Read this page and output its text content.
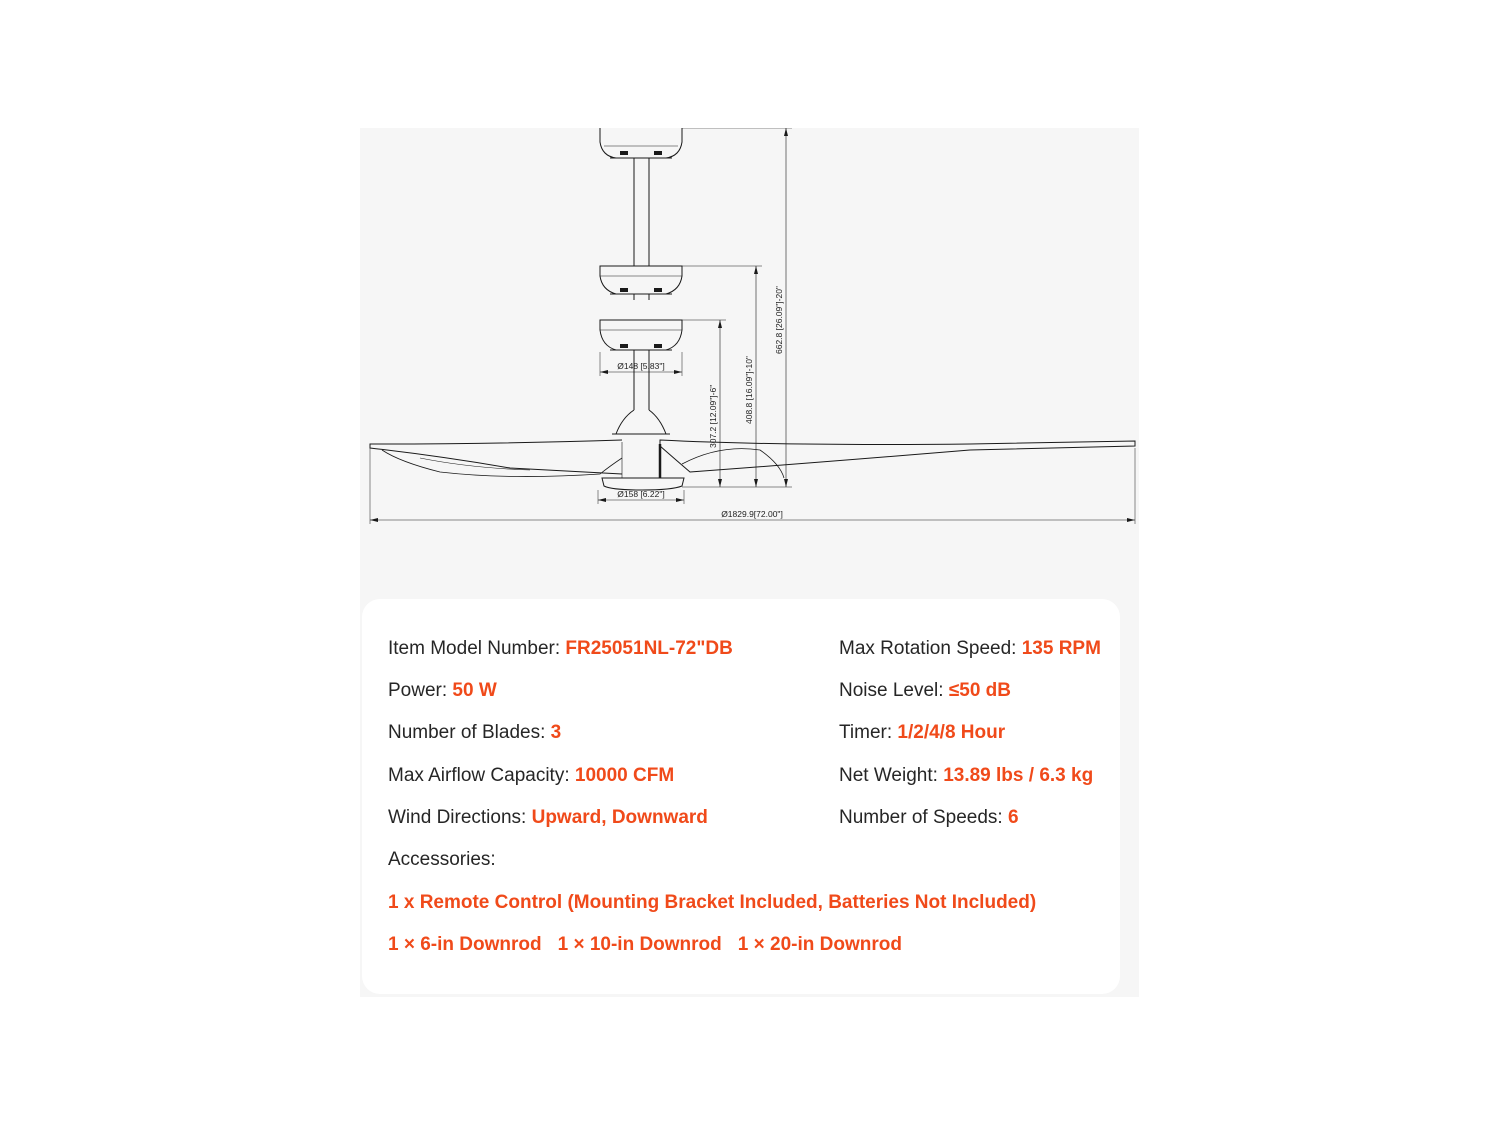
662.8 [26.09"]-20"
408.8 [16.09"]-10"
307.2 [12.09"]-6"
Ø148 [5.83"]
Ø158 [6.22"]
Ø1829.9[72.00"]
Item Model Number: FR25051NL-72"DB
Power: 50 W
Number of Blades: 3
Max Airflow Capacity: 10000 CFM
Wind Directions: Upward, Downward
Max Rotation Speed: 135 RPM
Noise Level: ≤50 dB
Timer: 1/2/4/8 Hour
Net Weight: 13.89 lbs / 6.3 kg
Number of Speeds: 6
Accessories:
1 x Remote Control (Mounting Bracket Included, Batteries Not Included)
1 × 6-in Downrod 1 × 10-in Downrod 1 × 20-in Downrod
